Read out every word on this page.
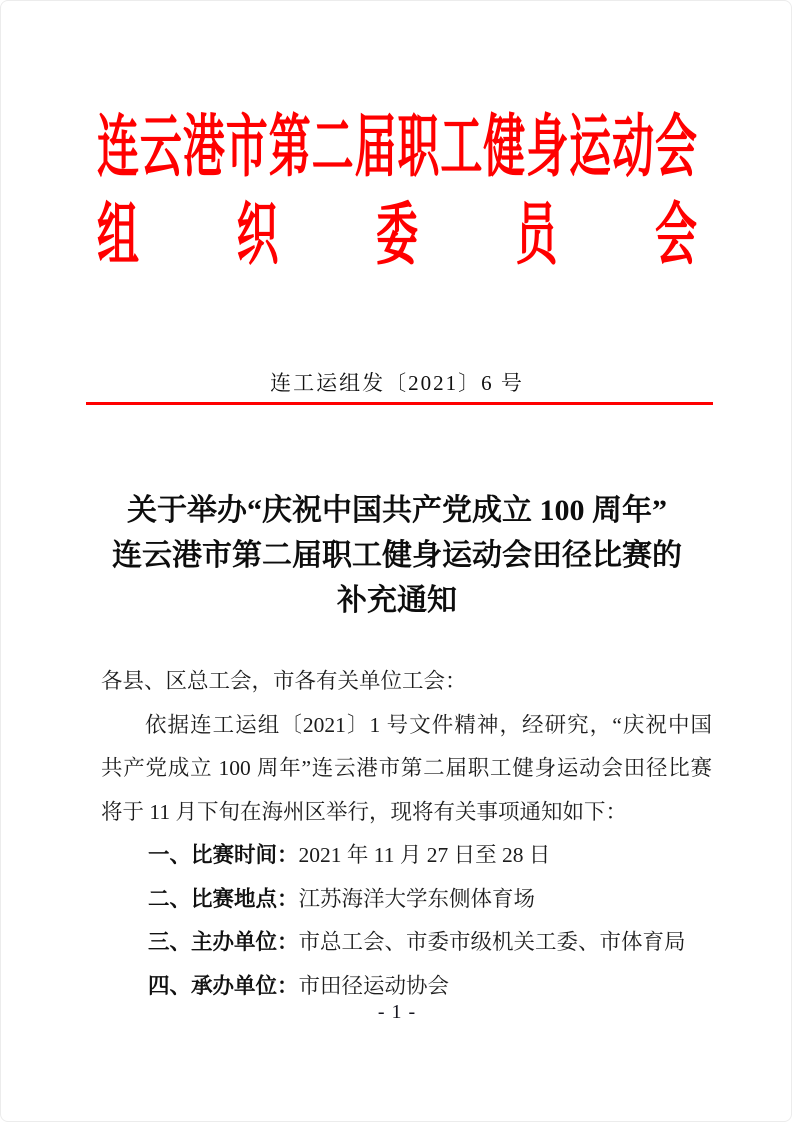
连 云 港 市 第 二 届 职 工 健 身 运 动 会
组 织 委 员 会
连工运组发〔2021〕6 号
关于举办“庆祝中国共产党成立 100 周年”
连云港市第二届职工健身运动会田径比赛的
补充通知
各县、区总工会，市各有关单位工会：
依据连工运组〔2021〕1 号文件精神，经研究，“庆祝中国
共产党成立 100 周年”连云港市第二届职工健身运动会田径比赛
将于 11 月下旬在海州区举行，现将有关事项通知如下：
一、比赛时间：2021 年 11 月 27 日至 28 日
二、比赛地点：江苏海洋大学东侧体育场
三、主办单位：市总工会、市委市级机关工委、市体育局
四、承办单位：市田径运动协会
- 1 -
